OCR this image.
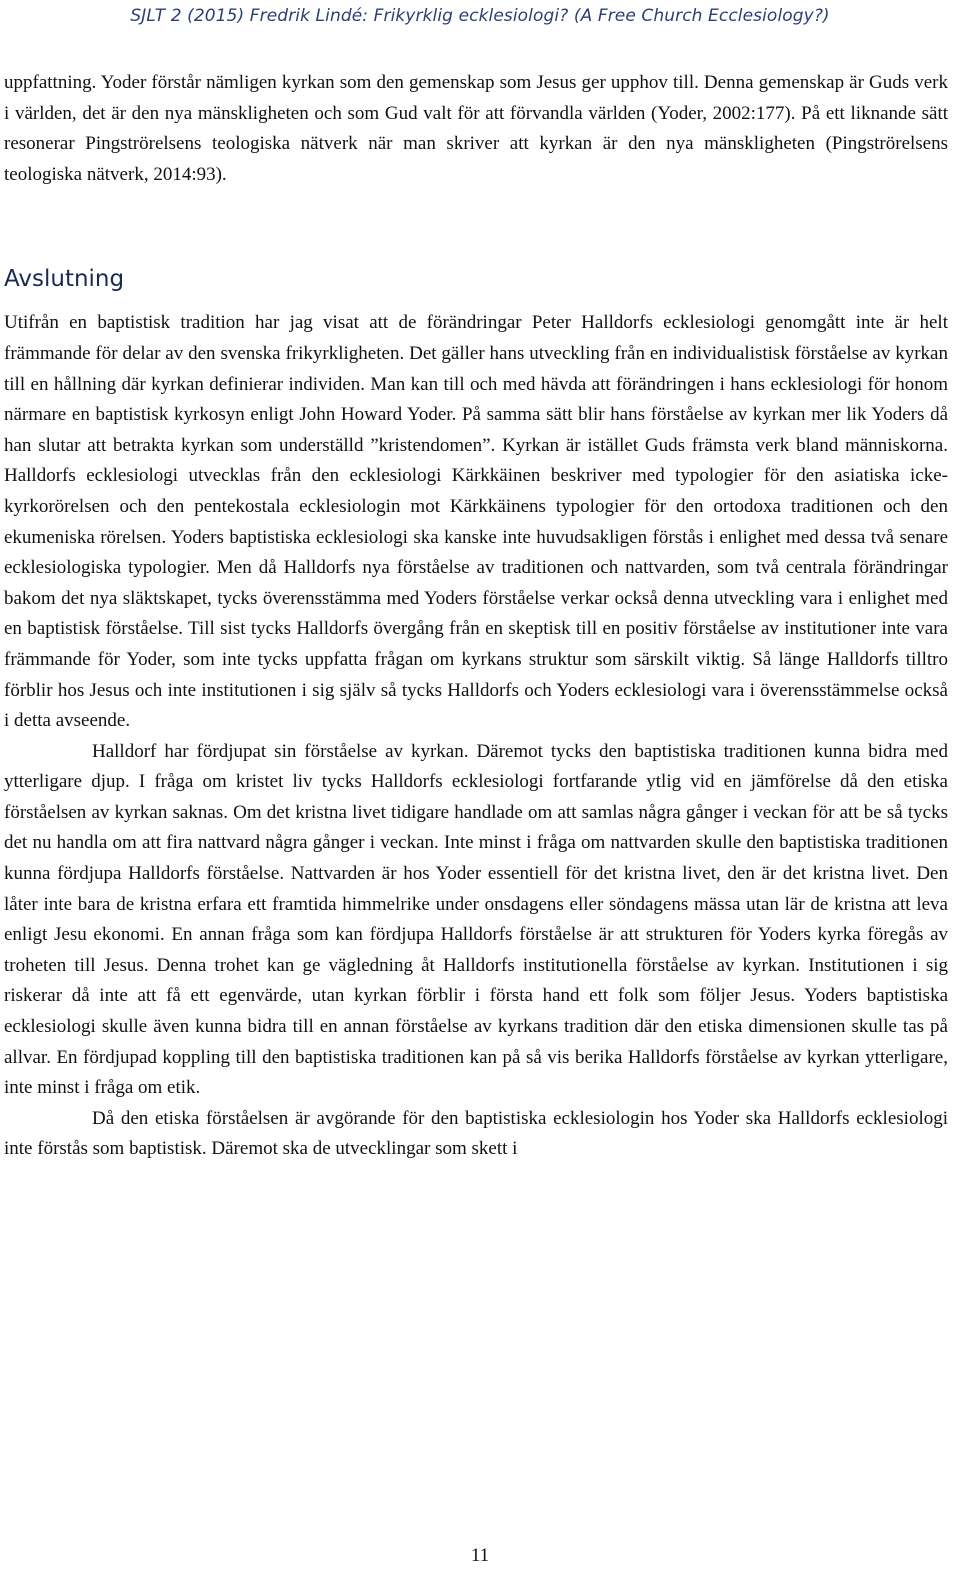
SJLT 2 (2015) Fredrik Lindé: Frikyrklig ecklesiologi? (A Free Church Ecclesiology?)

uppfattning. Yoder förstår nämligen kyrkan som den gemenskap som Jesus ger upphov till. Denna gemenskap är Guds verk i världen, det är den nya mänskligheten och som Gud valt för att förvandla världen (Yoder, 2002:177). På ett liknande sätt resonerar Pingströrelsens teologiska nätverk när man skriver att kyrkan är den nya mänskligheten (Pingströrelsens teologiska nätverk, 2014:93).

Avslutning

Utifrån en baptistisk tradition har jag visat att de förändringar Peter Halldorfs ecklesiologi genomgått inte är helt främmande för delar av den svenska frikyrkligheten. Det gäller hans utveckling från en individualistisk förståelse av kyrkan till en hållning där kyrkan definierar individen. Man kan till och med hävda att förändringen i hans ecklesiologi för honom närmare en baptistisk kyrkosyn enligt John Howard Yoder. På samma sätt blir hans förståelse av kyrkan mer lik Yoders då han slutar att betrakta kyrkan som underställd ”kristendomen”. Kyrkan är istället Guds främsta verk bland människorna. Halldorfs ecklesiologi utvecklas från den ecklesiologi Kärkkäinen beskriver med typologier för den asiatiska icke-kyrkorörelsen och den pentekostala ecklesiologin mot Kärkkäinens typologier för den ortodoxa traditionen och den ekumeniska rörelsen. Yoders baptistiska ecklesiologi ska kanske inte huvudsakligen förstås i enlighet med dessa två senare ecklesiologiska typologier. Men då Halldorfs nya förståelse av traditionen och nattvarden, som två centrala förändringar bakom det nya släktskapet, tycks överensstämma med Yoders förståelse verkar också denna utveckling vara i enlighet med en baptistisk förståelse. Till sist tycks Halldorfs övergång från en skeptisk till en positiv förståelse av institutioner inte vara främmande för Yoder, som inte tycks uppfatta frågan om kyrkans struktur som särskilt viktig. Så länge Halldorfs tilltro förblir hos Jesus och inte institutionen i sig själv så tycks Halldorfs och Yoders ecklesiologi vara i överensstämmelse också i detta avseende.

Halldorf har fördjupat sin förståelse av kyrkan. Däremot tycks den baptistiska traditionen kunna bidra med ytterligare djup. I fråga om kristet liv tycks Halldorfs ecklesiologi fortfarande ytlig vid en jämförelse då den etiska förståelsen av kyrkan saknas. Om det kristna livet tidigare handlade om att samlas några gånger i veckan för att be så tycks det nu handla om att fira nattvard några gånger i veckan. Inte minst i fråga om nattvarden skulle den baptistiska traditionen kunna fördjupa Halldorfs förståelse. Nattvarden är hos Yoder essentiell för det kristna livet, den är det kristna livet. Den låter inte bara de kristna erfara ett framtida himmelrike under onsdagens eller söndagens mässa utan lär de kristna att leva enligt Jesu ekonomi. En annan fråga som kan fördjupa Halldorfs förståelse är att strukturen för Yoders kyrka föregås av troheten till Jesus. Denna trohet kan ge vägledning åt Halldorfs institutionella förståelse av kyrkan. Institutionen i sig riskerar då inte att få ett egenvärde, utan kyrkan förblir i första hand ett folk som följer Jesus. Yoders baptistiska ecklesiologi skulle även kunna bidra till en annan förståelse av kyrkans tradition där den etiska dimensionen skulle tas på allvar. En fördjupad koppling till den baptistiska traditionen kan på så vis berika Halldorfs förståelse av kyrkan ytterligare, inte minst i fråga om etik.

Då den etiska förståelsen är avgörande för den baptistiska ecklesiologin hos Yoder ska Halldorfs ecklesiologi inte förstås som baptistisk. Däremot ska de utvecklingar som skett i

11
